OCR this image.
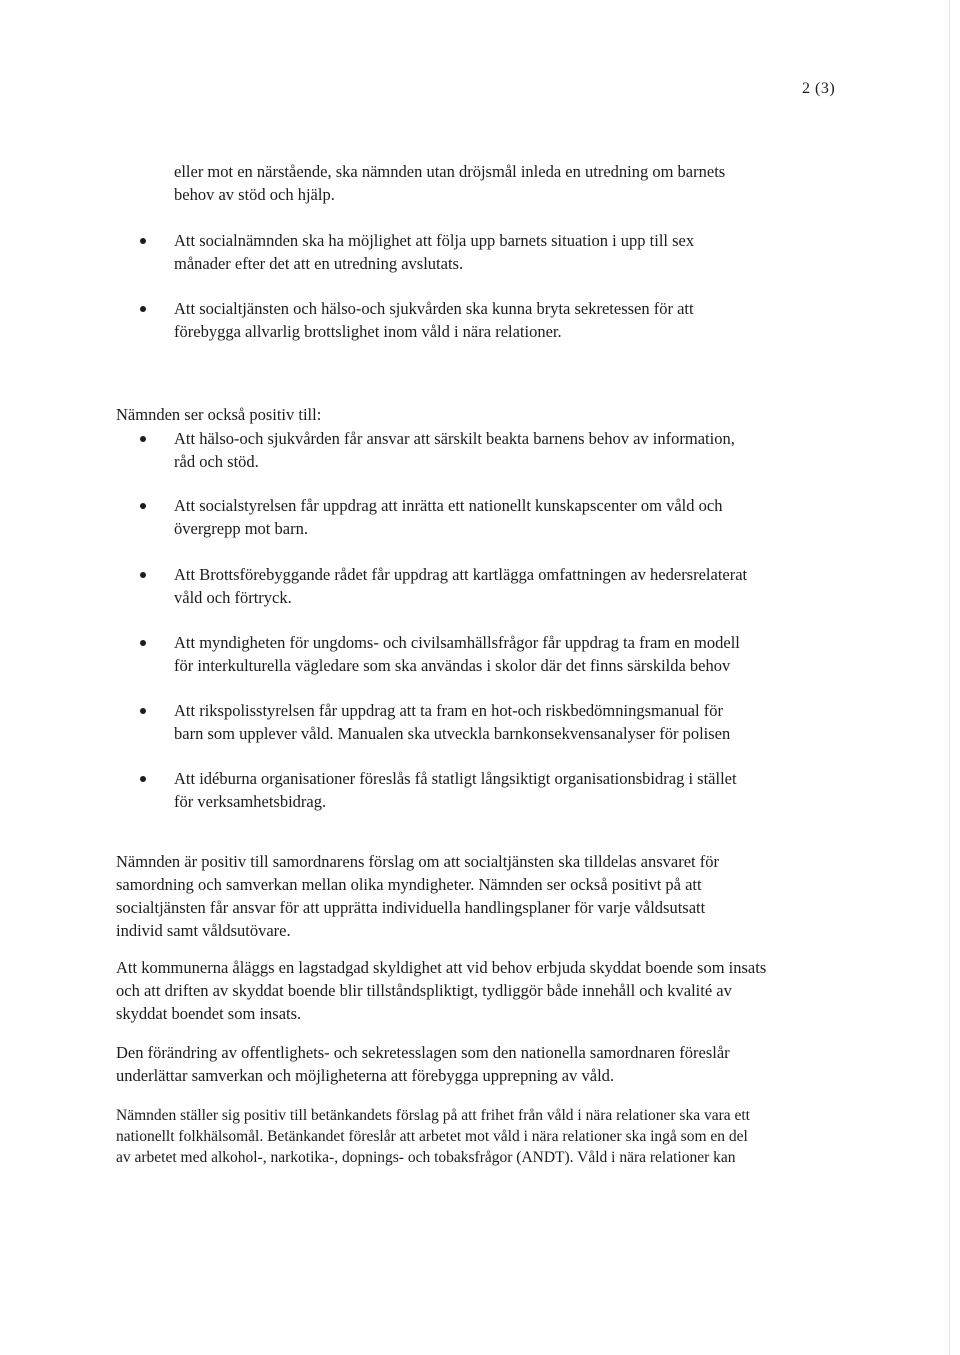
2 (3)
eller mot en närstående, ska nämnden utan dröjsmål inleda en utredning om barnets
behov av stöd och hjälp.
Att socialnämnden ska ha möjlighet att följa upp barnets situation i upp till sex
månader efter det att en utredning avslutats.
Att socialtjänsten och hälso-och sjukvården ska kunna bryta sekretessen för att
förebygga allvarlig brottslighet inom våld i nära relationer.
Nämnden ser också positiv till:
Att hälso-och sjukvården får ansvar att särskilt beakta barnens behov av information,
råd och stöd.
Att socialstyrelsen får uppdrag att inrätta ett nationellt kunskapscenter om våld och
övergrepp mot barn.
Att Brottsförebyggande rådet får uppdrag att kartlägga omfattningen av hedersrelaterat
våld och förtryck.
Att myndigheten för ungdoms- och civilsamhällsfrågor får uppdrag ta fram en modell
för interkulturella vägledare som ska användas i skolor där det finns särskilda behov
Att rikspolisstyrelsen får uppdrag att ta fram en hot-och riskbedömningsmanual för
barn som upplever våld. Manualen ska utveckla barnkonsekvensanalyser för polisen
Att idéburna organisationer föreslås få statligt långsiktigt organisationsbidrag i stället
för verksamhetsbidrag.
Nämnden är positiv till samordnarens förslag om att socialtjänsten ska tilldelas ansvaret för
samordning och samverkan mellan olika myndigheter. Nämnden ser också positivt på att
socialtjänsten får ansvar för att upprätta individuella handlingsplaner för varje våldsutsatt
individ samt våldsutövare.
Att kommunerna åläggs en lagstadgad skyldighet att vid behov erbjuda skyddat boende som insats
och att driften av skyddat boende blir tillståndspliktigt, tydliggör både innehåll och kvalité av
skyddat boendet som insats.
Den förändring av offentlighets- och sekretesslagen som den nationella samordnaren föreslår
underlättar samverkan och möjligheterna att förebygga upprepning av våld.
Nämnden ställer sig positiv till betänkandets förslag på att frihet från våld i nära relationer ska vara ett
nationellt folkhälsomål. Betänkandet föreslår att arbetet mot våld i nära relationer ska ingå som en del
av arbetet med alkohol-, narkotika-, dopnings- och tobaksfrågor (ANDT). Våld i nära relationer kan
